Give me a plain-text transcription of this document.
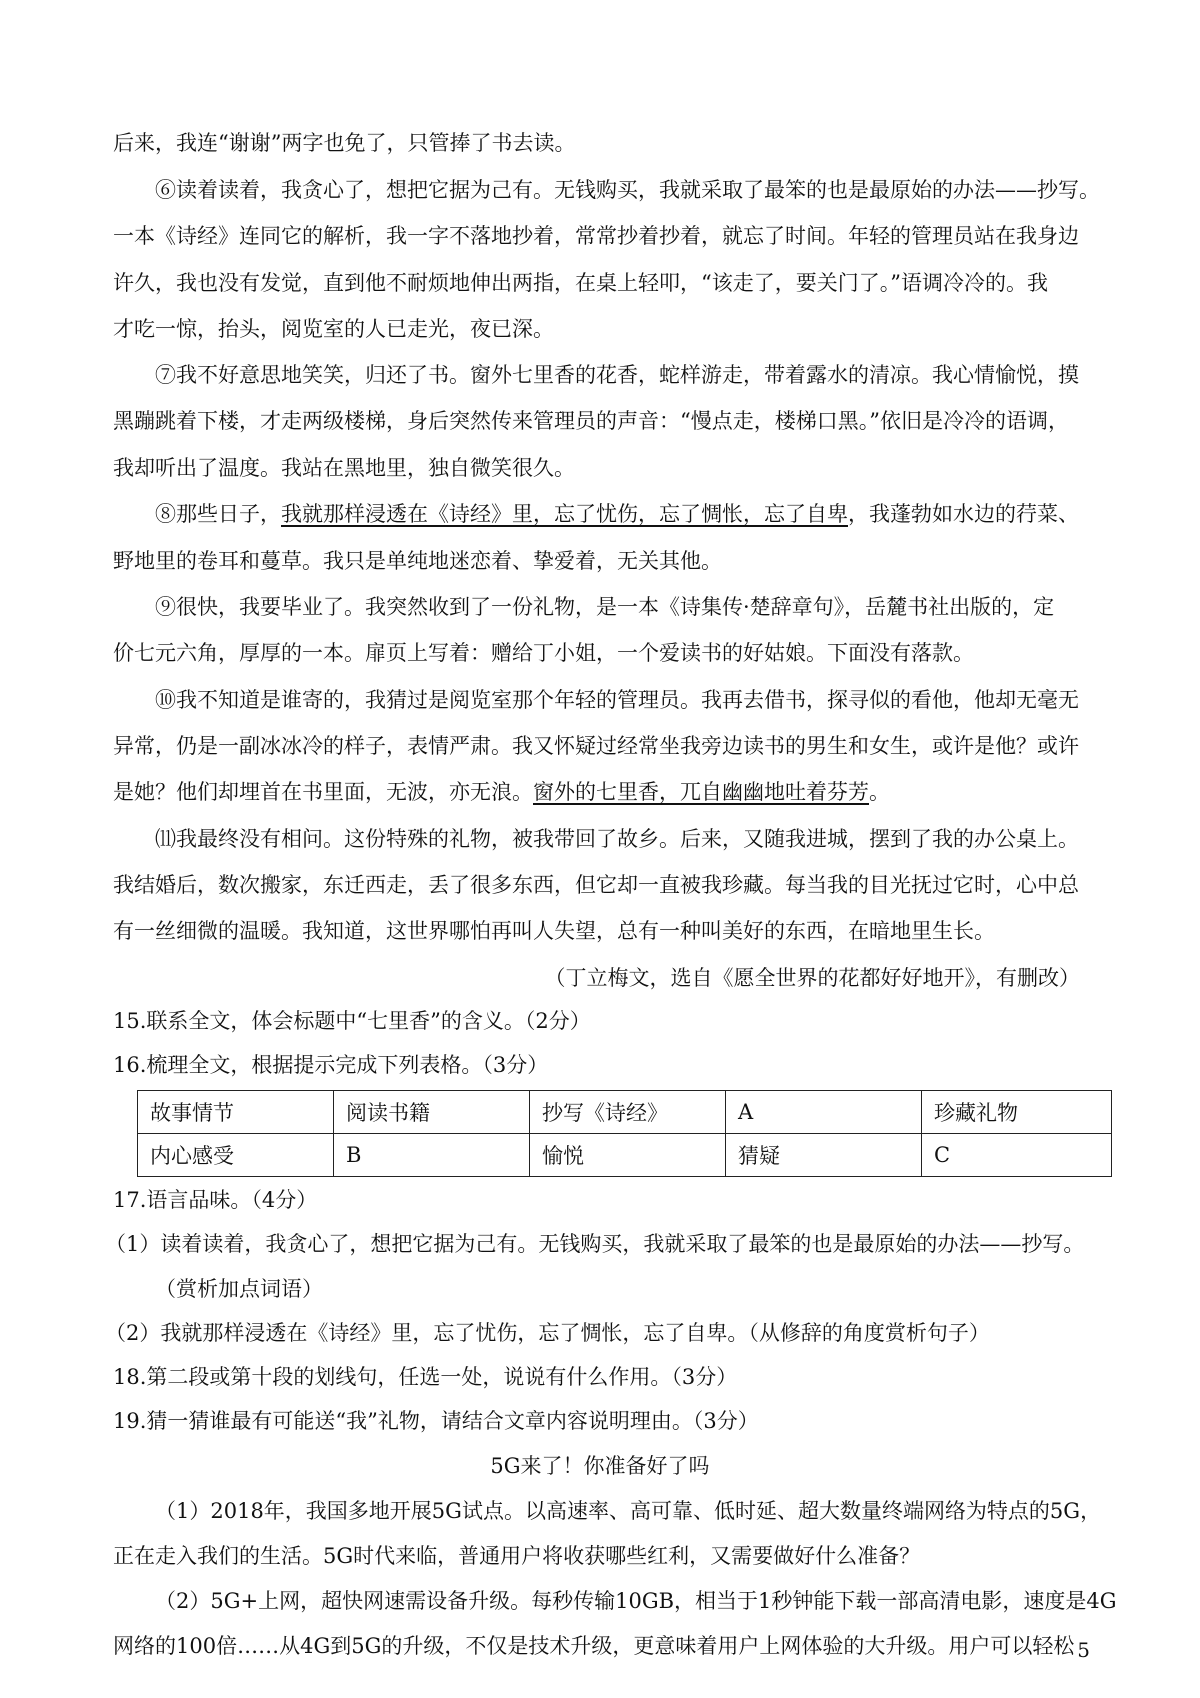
后来，我连“谢谢”两字也免了，只管捧了书去读。
⑥读着读着，我贪心了，想把它据为己有。无钱购买，我就采取了最笨的也是最原始的办法——抄写。
一本《诗经》连同它的解析，我一字不落地抄着，常常抄着抄着，就忘了时间。年轻的管理员站在我身边
许久，我也没有发觉，直到他不耐烦地伸出两指，在桌上轻叩，“该走了，要关门了。”语调冷冷的。我
才吃一惊，抬头，阅览室的人已走光，夜已深。
⑦我不好意思地笑笑，归还了书。窗外七里香的花香，蛇样游走，带着露水的清凉。我心情愉悦，摸
黑蹦跳着下楼，才走两级楼梯，身后突然传来管理员的声音：“慢点走，楼梯口黑。”依旧是冷冷的语调，
我却听出了温度。我站在黑地里，独自微笑很久。
⑧那些日子，我就那样浸透在《诗经》里，忘了忧伤，忘了惆怅，忘了自卑，我蓬勃如水边的荇菜、
野地里的卷耳和蔓草。我只是单纯地迷恋着、挚爱着，无关其他。
⑨很快，我要毕业了。我突然收到了一份礼物，是一本《诗集传·楚辞章句》，岳麓书社出版的，定
价七元六角，厚厚的一本。扉页上写着：赠给丁小姐，一个爱读书的好姑娘。下面没有落款。
⑩我不知道是谁寄的，我猜过是阅览室那个年轻的管理员。我再去借书，探寻似的看他，他却无毫无
异常，仍是一副冰冰冷的样子，表情严肃。我又怀疑过经常坐我旁边读书的男生和女生，或许是他？或许
是她？他们却埋首在书里面，无波，亦无浪。窗外的七里香，兀自幽幽地吐着芬芳。
⑾我最终没有相问。这份特殊的礼物，被我带回了故乡。后来，又随我进城，摆到了我的办公桌上。
我结婚后，数次搬家，东迁西走，丢了很多东西，但它却一直被我珍藏。每当我的目光抚过它时，心中总
有一丝细微的温暖。我知道，这世界哪怕再叫人失望，总有一种叫美好的东西，在暗地里生长。
（丁立梅文，选自《愿全世界的花都好好地开》，有删改）
15.联系全文，体会标题中“七里香”的含义。（2分）
16.梳理全文，根据提示完成下列表格。（3分）
故事情节	阅读书籍	抄写《诗经》	A	珍藏礼物
内心感受	B	愉悦	猜疑	C
17.语言品味。（4分）
（1）读着读着，我贪心了，想把它据为己有。无钱购买，我就采取了最笨的也是最原始的办法——抄写。
（赏析加点词语）
（2）我就那样浸透在《诗经》里，忘了忧伤，忘了惆怅，忘了自卑。（从修辞的角度赏析句子）
18.第二段或第十段的划线句，任选一处，说说有什么作用。（3分）
19.猜一猜谁最有可能送“我”礼物，请结合文章内容说明理由。（3分）
5G来了！你准备好了吗
（1）2018年，我国多地开展5G试点。以高速率、高可靠、低时延、超大数量终端网络为特点的5G，
正在走入我们的生活。5G时代来临，普通用户将收获哪些红利，又需要做好什么准备？
（2）5G+上网，超快网速需设备升级。每秒传输10GB，相当于1秒钟能下载一部高清电影，速度是4G
网络的100倍……从4G到5G的升级，不仅是技术升级，更意味着用户上网体验的大升级。用户可以轻松 5
